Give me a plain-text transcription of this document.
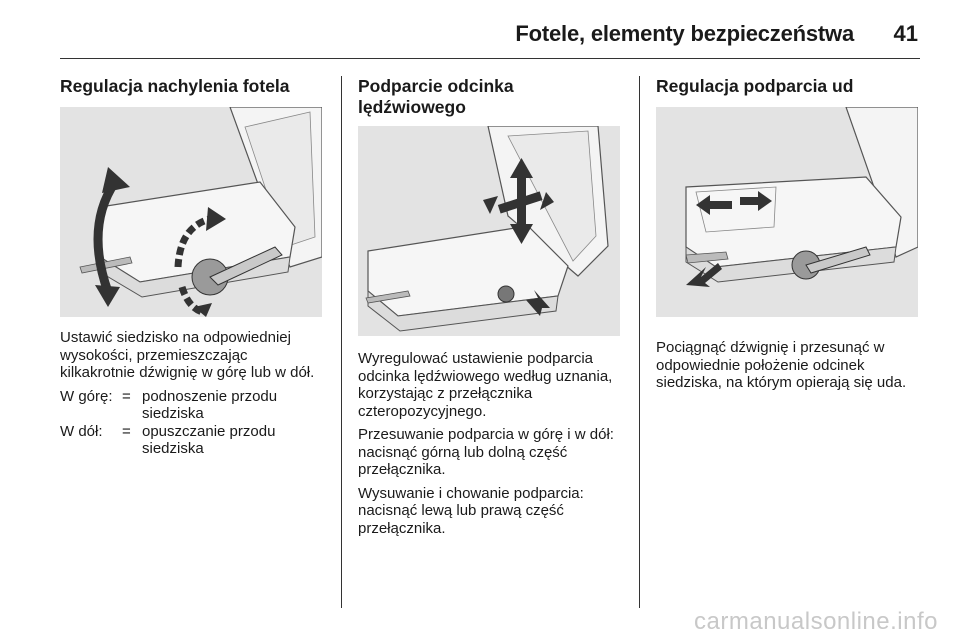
Fotele, elementy bezpieczeństwa 41
Regulacja nachylenia fotela

Ustawić siedzisko na odpowiedniej wysokości, przemieszczając kilkakrotnie dźwignię w górę lub w dół.

W górę: = podnoszenie przodu siedziska
W dół:	= opuszczanie przodu siedziska
Podparcie odcinka lędźwiowego

Wyregulować ustawienie podparcia odcinka lędźwiowego według uznania, korzystając z przełącznika czteropozycyjnego.

Przesuwanie podparcia w górę i w dół: nacisnąć górną lub dolną część przełącznika.

Wysuwanie i chowanie podparcia: nacisnąć lewą lub prawą część przełącznika.

Regulacja podparcia ud

Pociągnąć dźwignię i przesunąć w odpowiednie położenie odcinek siedziska, na którym opierają się uda.

carmanualsonline.info
